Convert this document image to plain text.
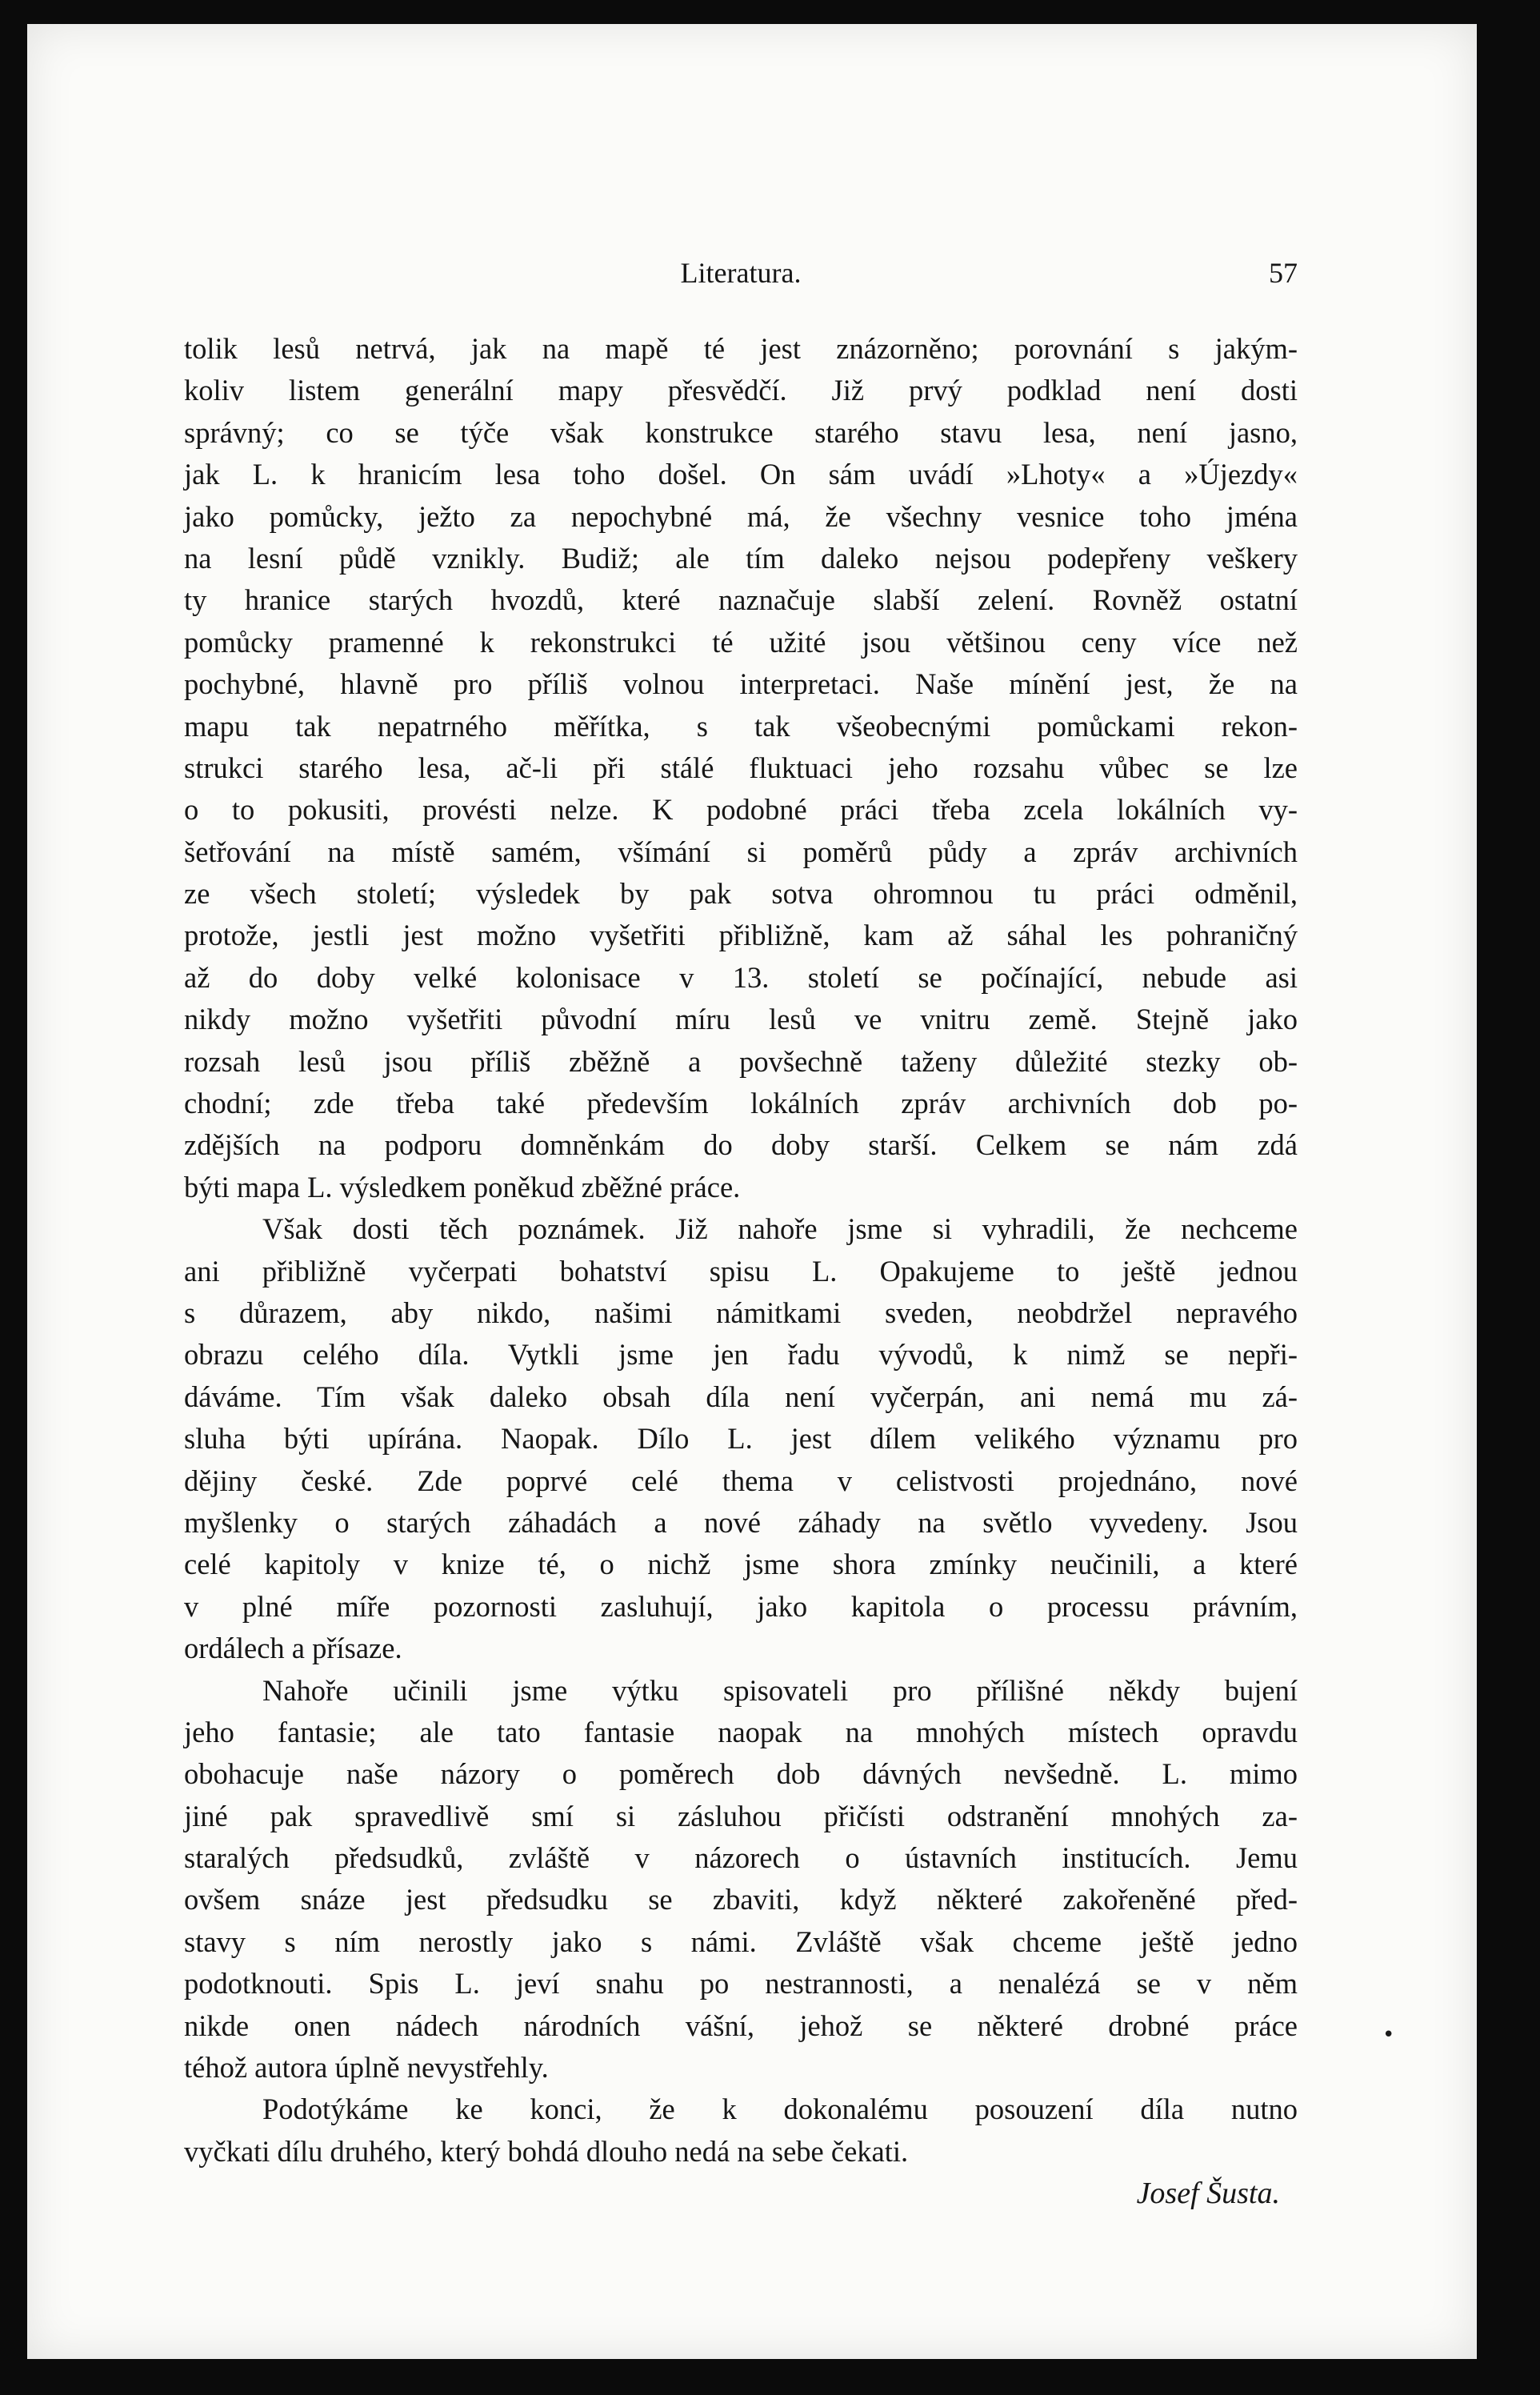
Literatura.	57
tolik lesů netrvá, jak na mapě té jest znázorněno; porovnání s jakým-
koliv listem generální mapy přesvědčí. Již prvý podklad není dosti
správný; co se týče však konstrukce starého stavu lesa, není jasno,
jak L. k hranicím lesa toho došel. On sám uvádí »Lhoty« a »Újezdy«
jako pomůcky, ježto za nepochybné má, že všechny vesnice toho jména
na lesní půdě vznikly. Budiž; ale tím daleko nejsou podepřeny veškery
ty hranice starých hvozdů, které naznačuje slabší zelení. Rovněž ostatní
pomůcky pramenné k rekonstrukci té užité jsou většinou ceny více než
pochybné, hlavně pro příliš volnou interpretaci. Naše mínění jest, že na
mapu tak nepatrného měřítka, s tak všeobecnými pomůckami rekon-
strukci starého lesa, ač-li při stálé fluktuaci jeho rozsahu vůbec se lze
o to pokusiti, provésti nelze. K podobné práci třeba zcela lokálních vy-
šetřování na místě samém, všímání si poměrů půdy a zpráv archivních
ze všech století; výsledek by pak sotva ohromnou tu práci odměnil,
protože, jestli jest možno vyšetřiti přibližně, kam až sáhal les pohraničný
až do doby velké kolonisace v 13. století se počínající, nebude asi
nikdy možno vyšetřiti původní míru lesů ve vnitru země. Stejně jako
rozsah lesů jsou příliš zběžně a povšechně taženy důležité stezky ob-
chodní; zde třeba také především lokálních zpráv archivních dob po-
zdějších na podporu domněnkám do doby starší. Celkem se nám zdá
býti mapa L. výsledkem poněkud zběžné práce.
Však dosti těch poznámek. Již nahoře jsme si vyhradili, že nechceme
ani přibližně vyčerpati bohatství spisu L. Opakujeme to ještě jednou
s důrazem, aby nikdo, našimi námitkami sveden, neobdržel nepravého
obrazu celého díla. Vytkli jsme jen řadu vývodů, k nimž se nepři-
dáváme. Tím však daleko obsah díla není vyčerpán, ani nemá mu zá-
sluha býti upírána. Naopak. Dílo L. jest dílem velikého významu pro
dějiny české. Zde poprvé celé thema v celistvosti projednáno, nové
myšlenky o starých záhadách a nové záhady na světlo vyvedeny. Jsou
celé kapitoly v knize té, o nichž jsme shora zmínky neučinili, a které
v plné míře pozornosti zasluhují, jako kapitola o processu právním,
ordálech a přísaze.
Nahoře učinili jsme výtku spisovateli pro přílišné někdy bujení
jeho fantasie; ale tato fantasie naopak na mnohých místech opravdu
obohacuje naše názory o poměrech dob dávných nevšedně. L. mimo
jiné pak spravedlivě smí si zásluhou přičísti odstranění mnohých za-
staralých předsudků, zvláště v názorech o ústavních institucích. Jemu
ovšem snáze jest předsudku se zbaviti, když některé zakořeněné před-
stavy s ním nerostly jako s námi. Zvláště však chceme ještě jedno
podotknouti. Spis L. jeví snahu po nestrannosti, a nenalézá se v něm
nikde onen nádech národních vášní, jehož se některé drobné práce
téhož autora úplně nevystřehly.
Podotýkáme ke konci, že k dokonalému posouzení díla nutno
vyčkati dílu druhého, který bohdá dlouho nedá na sebe čekati.
Josef Šusta.
•
